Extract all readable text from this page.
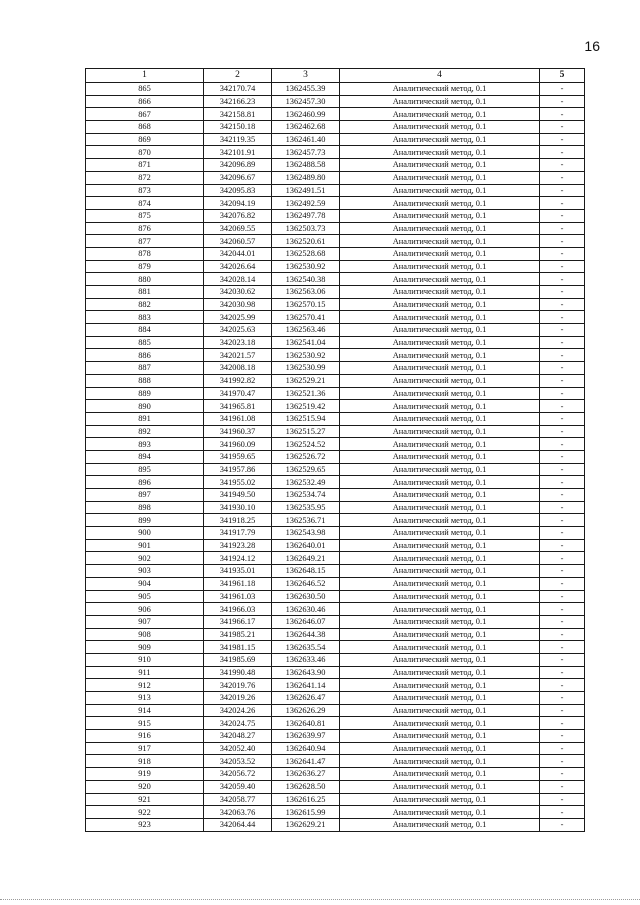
16
1	2	3	4	5
865	342170.74	1362455.39	Аналитический метод, 0.1	-
866	342166.23	1362457.30	Аналитический метод, 0.1	-
867	342158.81	1362460.99	Аналитический метод, 0.1	-
868	342150.18	1362462.68	Аналитический метод, 0.1	-
869	342119.35	1362461.40	Аналитический метод, 0.1	-
870	342101.91	1362457.73	Аналитический метод, 0.1	-
871	342096.89	1362488.58	Аналитический метод, 0.1	-
872	342096.67	1362489.80	Аналитический метод, 0.1	-
873	342095.83	1362491.51	Аналитический метод, 0.1	-
874	342094.19	1362492.59	Аналитический метод, 0.1	-
875	342076.82	1362497.78	Аналитический метод, 0.1	-
876	342069.55	1362503.73	Аналитический метод, 0.1	-
877	342060.57	1362520.61	Аналитический метод, 0.1	-
878	342044.01	1362528.68	Аналитический метод, 0.1	-
879	342026.64	1362530.92	Аналитический метод, 0.1	-
880	342028.14	1362540.38	Аналитический метод, 0.1	-
881	342030.62	1362563.06	Аналитический метод, 0.1	-
882	342030.98	1362570.15	Аналитический метод, 0.1	-
883	342025.99	1362570.41	Аналитический метод, 0.1	-
884	342025.63	1362563.46	Аналитический метод, 0.1	-
885	342023.18	1362541.04	Аналитический метод, 0.1	-
886	342021.57	1362530.92	Аналитический метод, 0.1	-
887	342008.18	1362530.99	Аналитический метод, 0.1	-
888	341992.82	1362529.21	Аналитический метод, 0.1	-
889	341970.47	1362521.36	Аналитический метод, 0.1	-
890	341965.81	1362519.42	Аналитический метод, 0.1	-
891	341961.08	1362515.94	Аналитический метод, 0.1	-
892	341960.37	1362515.27	Аналитический метод, 0.1	-
893	341960.09	1362524.52	Аналитический метод, 0.1	-
894	341959.65	1362526.72	Аналитический метод, 0.1	-
895	341957.86	1362529.65	Аналитический метод, 0.1	-
896	341955.02	1362532.49	Аналитический метод, 0.1	-
897	341949.50	1362534.74	Аналитический метод, 0.1	-
898	341930.10	1362535.95	Аналитический метод, 0.1	-
899	341918.25	1362536.71	Аналитический метод, 0.1	-
900	341917.79	1362543.98	Аналитический метод, 0.1	-
901	341923.28	1362640.01	Аналитический метод, 0.1	-
902	341924.12	1362649.21	Аналитический метод, 0.1	-
903	341935.01	1362648.15	Аналитический метод, 0.1	-
904	341961.18	1362646.52	Аналитический метод, 0.1	-
905	341961.03	1362630.50	Аналитический метод, 0.1	-
906	341966.03	1362630.46	Аналитический метод, 0.1	-
907	341966.17	1362646.07	Аналитический метод, 0.1	-
908	341985.21	1362644.38	Аналитический метод, 0.1	-
909	341981.15	1362635.54	Аналитический метод, 0.1	-
910	341985.69	1362633.46	Аналитический метод, 0.1	-
911	341990.48	1362643.90	Аналитический метод, 0.1	-
912	342019.76	1362641.14	Аналитический метод, 0.1	-
913	342019.26	1362626.47	Аналитический метод, 0.1	-
914	342024.26	1362626.29	Аналитический метод, 0.1	-
915	342024.75	1362640.81	Аналитический метод, 0.1	-
916	342048.27	1362639.97	Аналитический метод, 0.1	-
917	342052.40	1362640.94	Аналитический метод, 0.1	-
918	342053.52	1362641.47	Аналитический метод, 0.1	-
919	342056.72	1362636.27	Аналитический метод, 0.1	-
920	342059.40	1362628.50	Аналитический метод, 0.1	-
921	342058.77	1362616.25	Аналитический метод, 0.1	-
922	342063.76	1362615.99	Аналитический метод, 0.1	-
923	342064.44	1362629.21	Аналитический метод, 0.1	-
